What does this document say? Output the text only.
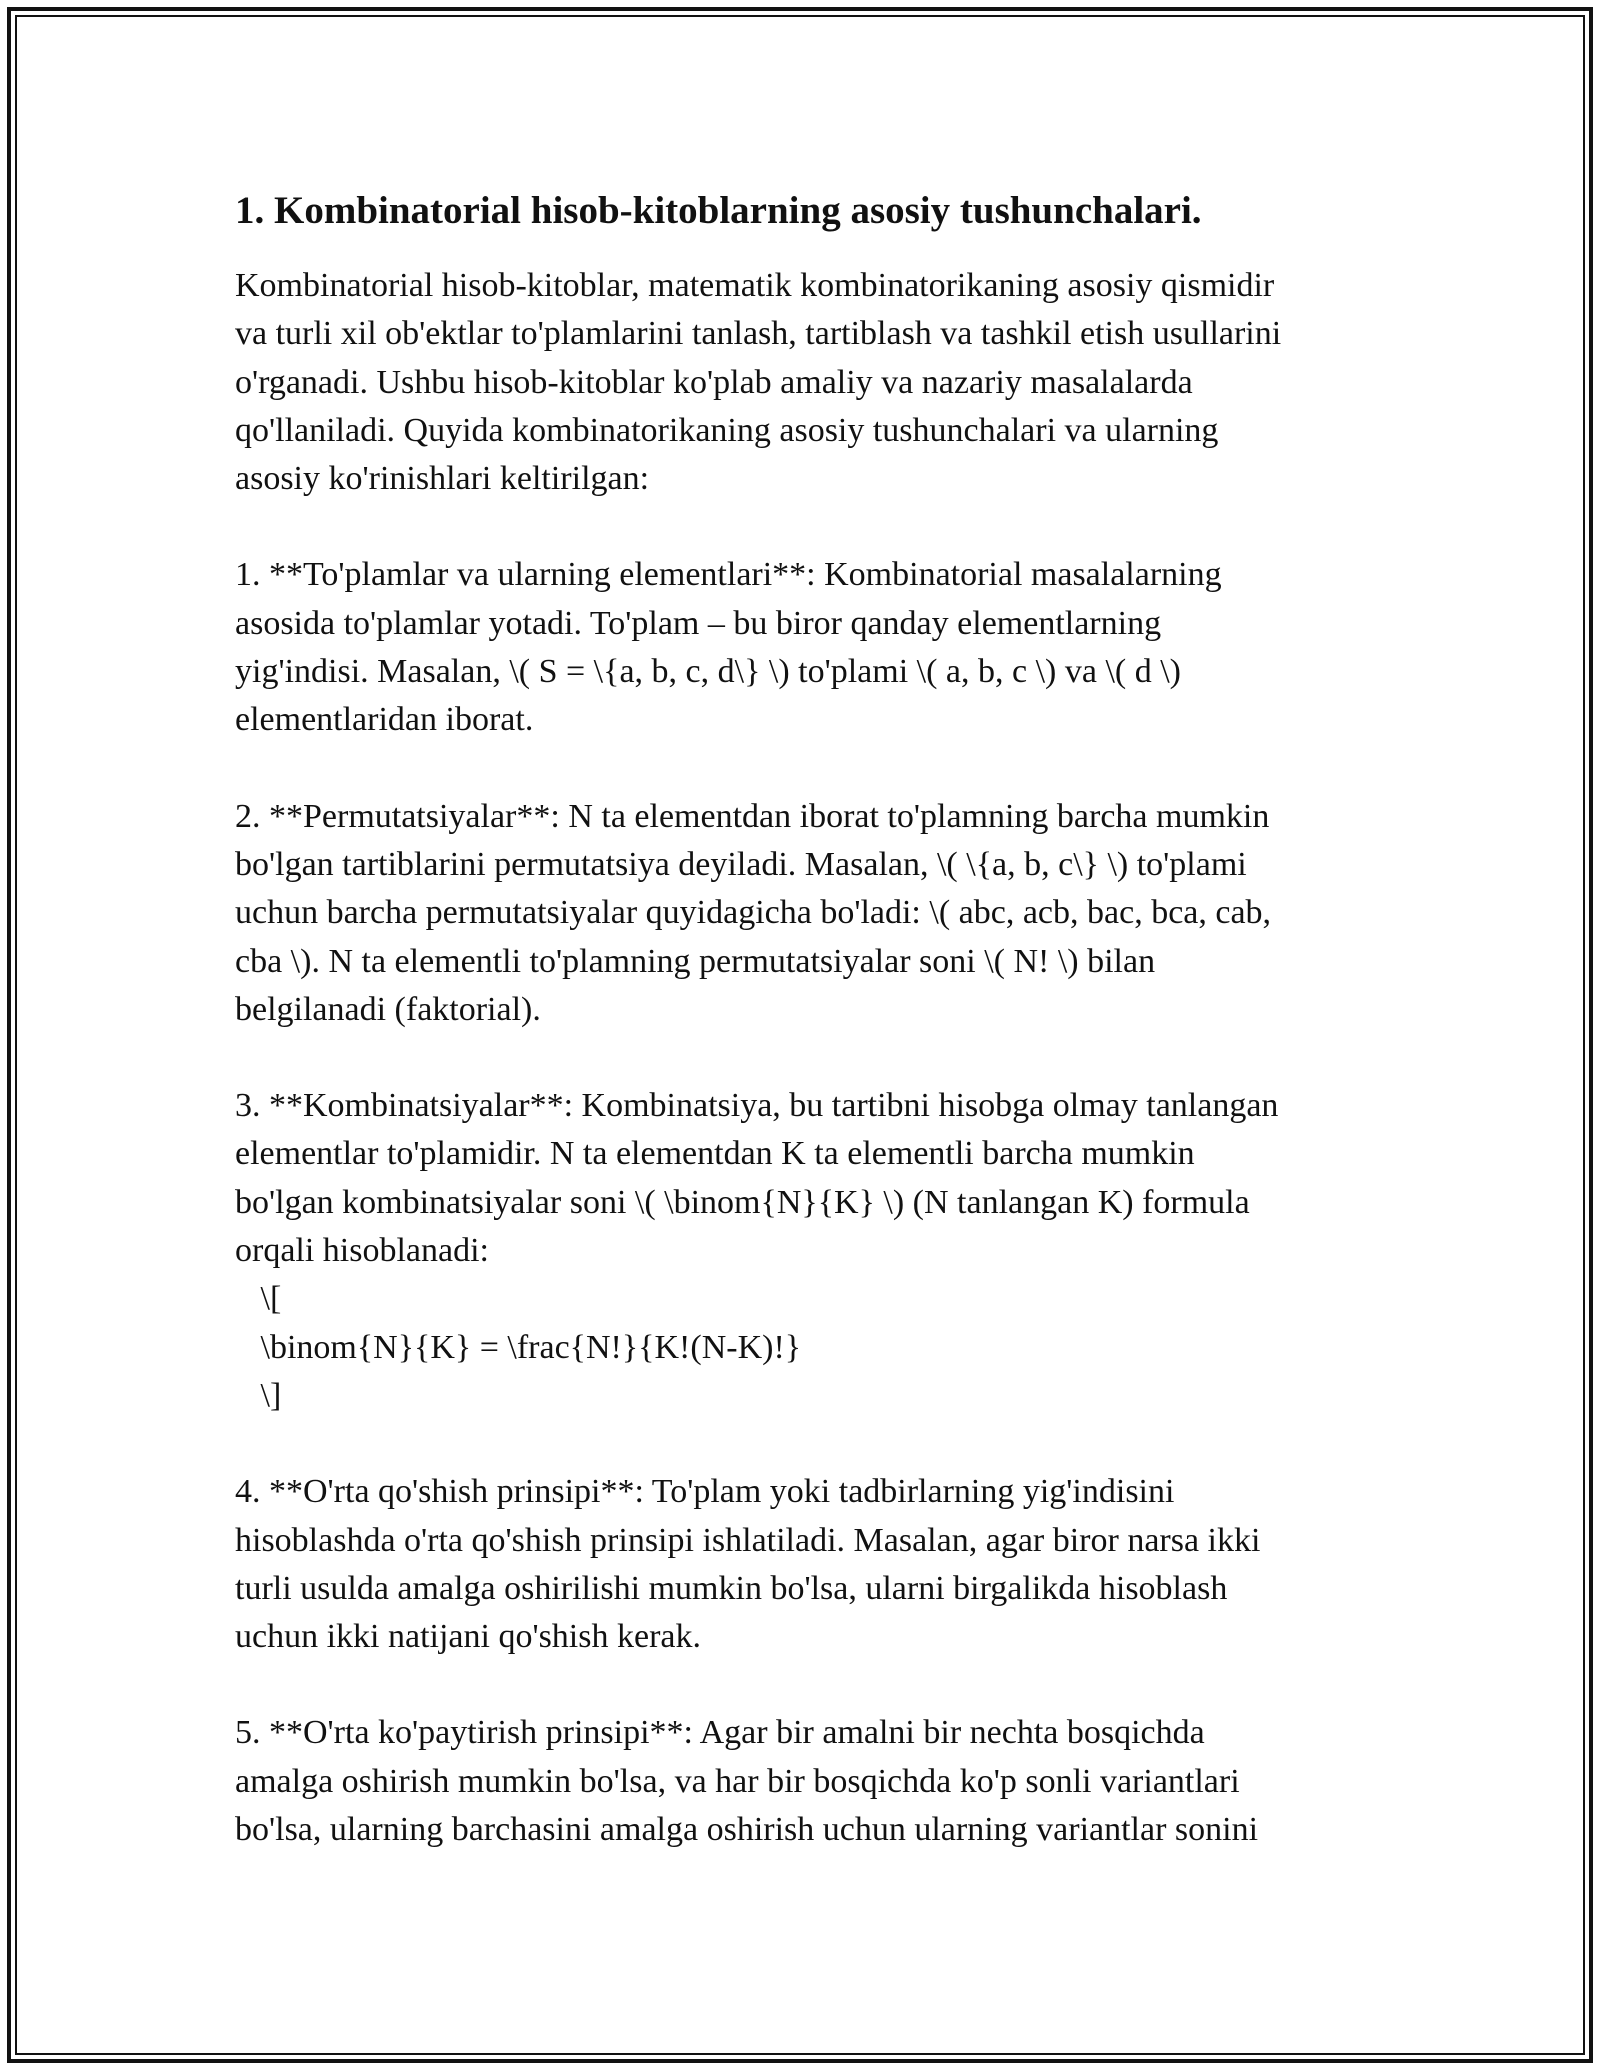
1. Kombinatorial hisob-kitoblarning asosiy tushunchalari.
Kombinatorial hisob-kitoblar, matematik kombinatorikaning asosiy qismidir
va turli xil ob'ektlar to'plamlarini tanlash, tartiblash va tashkil etish usullarini
o'rganadi. Ushbu hisob-kitoblar ko'plab amaliy va nazariy masalalarda
qo'llaniladi. Quyida kombinatorikaning asosiy tushunchalari va ularning
asosiy ko'rinishlari keltirilgan:
1. **To'plamlar va ularning elementlari**: Kombinatorial masalalarning
asosida to'plamlar yotadi. To'plam – bu biror qanday elementlarning
yig'indisi. Masalan, \( S = \{a, b, c, d\} \) to'plami \( a, b, c \) va \( d \)
elementlaridan iborat.
2. **Permutatsiyalar**: N ta elementdan iborat to'plamning barcha mumkin
bo'lgan tartiblarini permutatsiya deyiladi. Masalan, \( \{a, b, c\} \) to'plami
uchun barcha permutatsiyalar quyidagicha bo'ladi: \( abc, acb, bac, bca, cab,
cba \). N ta elementli to'plamning permutatsiyalar soni \( N! \) bilan
belgilanadi (faktorial).
3. **Kombinatsiyalar**: Kombinatsiya, bu tartibni hisobga olmay tanlangan
elementlar to'plamidir. N ta elementdan K ta elementli barcha mumkin
bo'lgan kombinatsiyalar soni \( \binom{N}{K} \) (N tanlangan K) formula
orqali hisoblanadi:
\[
\binom{N}{K} = \frac{N!}{K!(N-K)!}
\]
4. **O'rta qo'shish prinsipi**: To'plam yoki tadbirlarning yig'indisini
hisoblashda o'rta qo'shish prinsipi ishlatiladi. Masalan, agar biror narsa ikki
turli usulda amalga oshirilishi mumkin bo'lsa, ularni birgalikda hisoblash
uchun ikki natijani qo'shish kerak.
5. **O'rta ko'paytirish prinsipi**: Agar bir amalni bir nechta bosqichda
amalga oshirish mumkin bo'lsa, va har bir bosqichda ko'p sonli variantlari
bo'lsa, ularning barchasini amalga oshirish uchun ularning variantlar sonini
